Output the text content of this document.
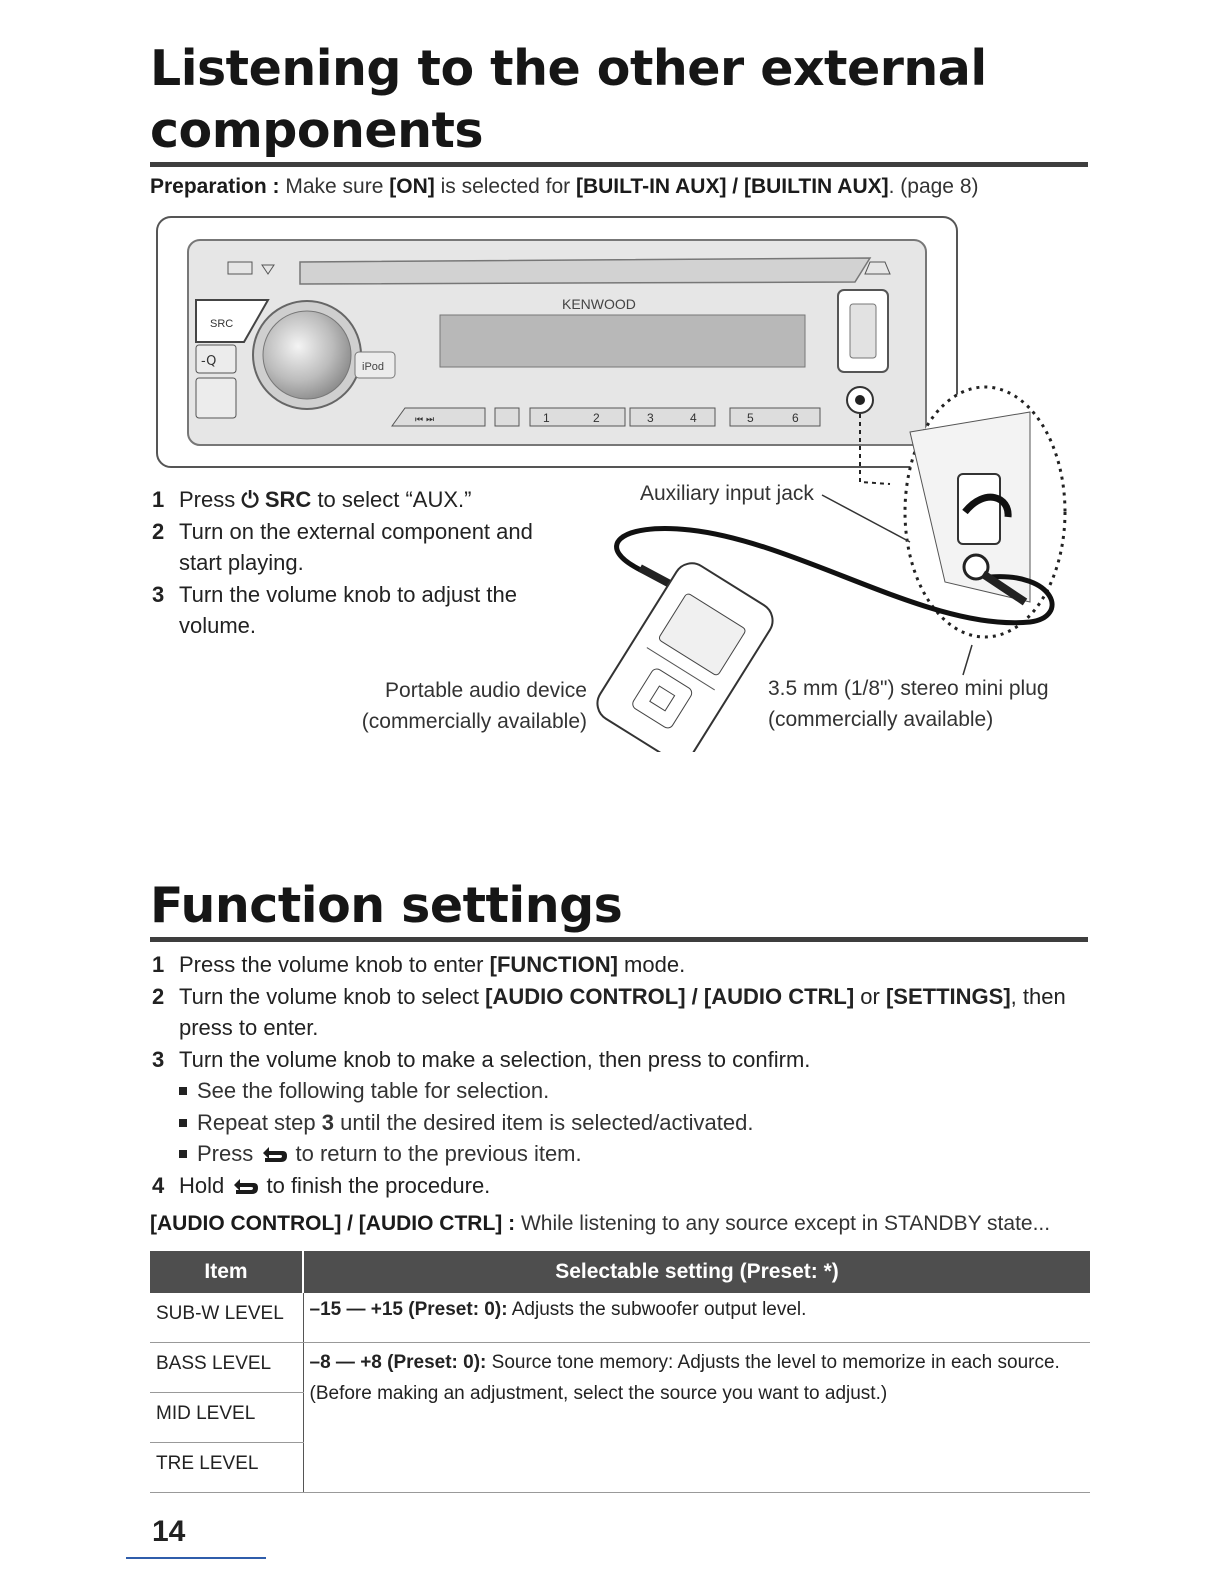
Listening to the other external
components
Preparation : Make sure [ON] is selected for [BUILT-IN AUX] / [BUILTIN AUX]. (page 8)
KENWOOD
SRC
-Q	iPod
⏮ ⏭	1	2	3	4	5	6
Auxiliary input jack
Portable audio device
(commercially available)
3.5 mm (1/8") stereo mini plug
(commercially available)
1 Press ⏻ SRC to select “AUX.”
2 Turn on the external component and
start playing.
3 Turn the volume knob to adjust the
volume.
Function settings
1 Press the volume knob to enter [FUNCTION] mode.
2 Turn the volume knob to select [AUDIO CONTROL] / [AUDIO CTRL] or [SETTINGS], then
press to enter.
3 Turn the volume knob to make a selection, then press to confirm.
See the following table for selection.
Repeat step 3 until the desired item is selected/activated.
Press
to return to the previous item.
4 Hold
to finish the procedure.
[AUDIO CONTROL] / [AUDIO CTRL] : While listening to any source except in STANDBY state...
Item	Selectable setting (Preset: *)
SUB-W LEVEL	–15 — +15 (Preset: 0): Adjusts the subwoofer output level.
BASS LEVEL	–8 — +8 (Preset: 0): Source tone memory: Adjusts the level to memorize in each source. (Before making an adjustment, select the source you want to adjust.)
MID LEVEL	
TRE LEVEL	
14
